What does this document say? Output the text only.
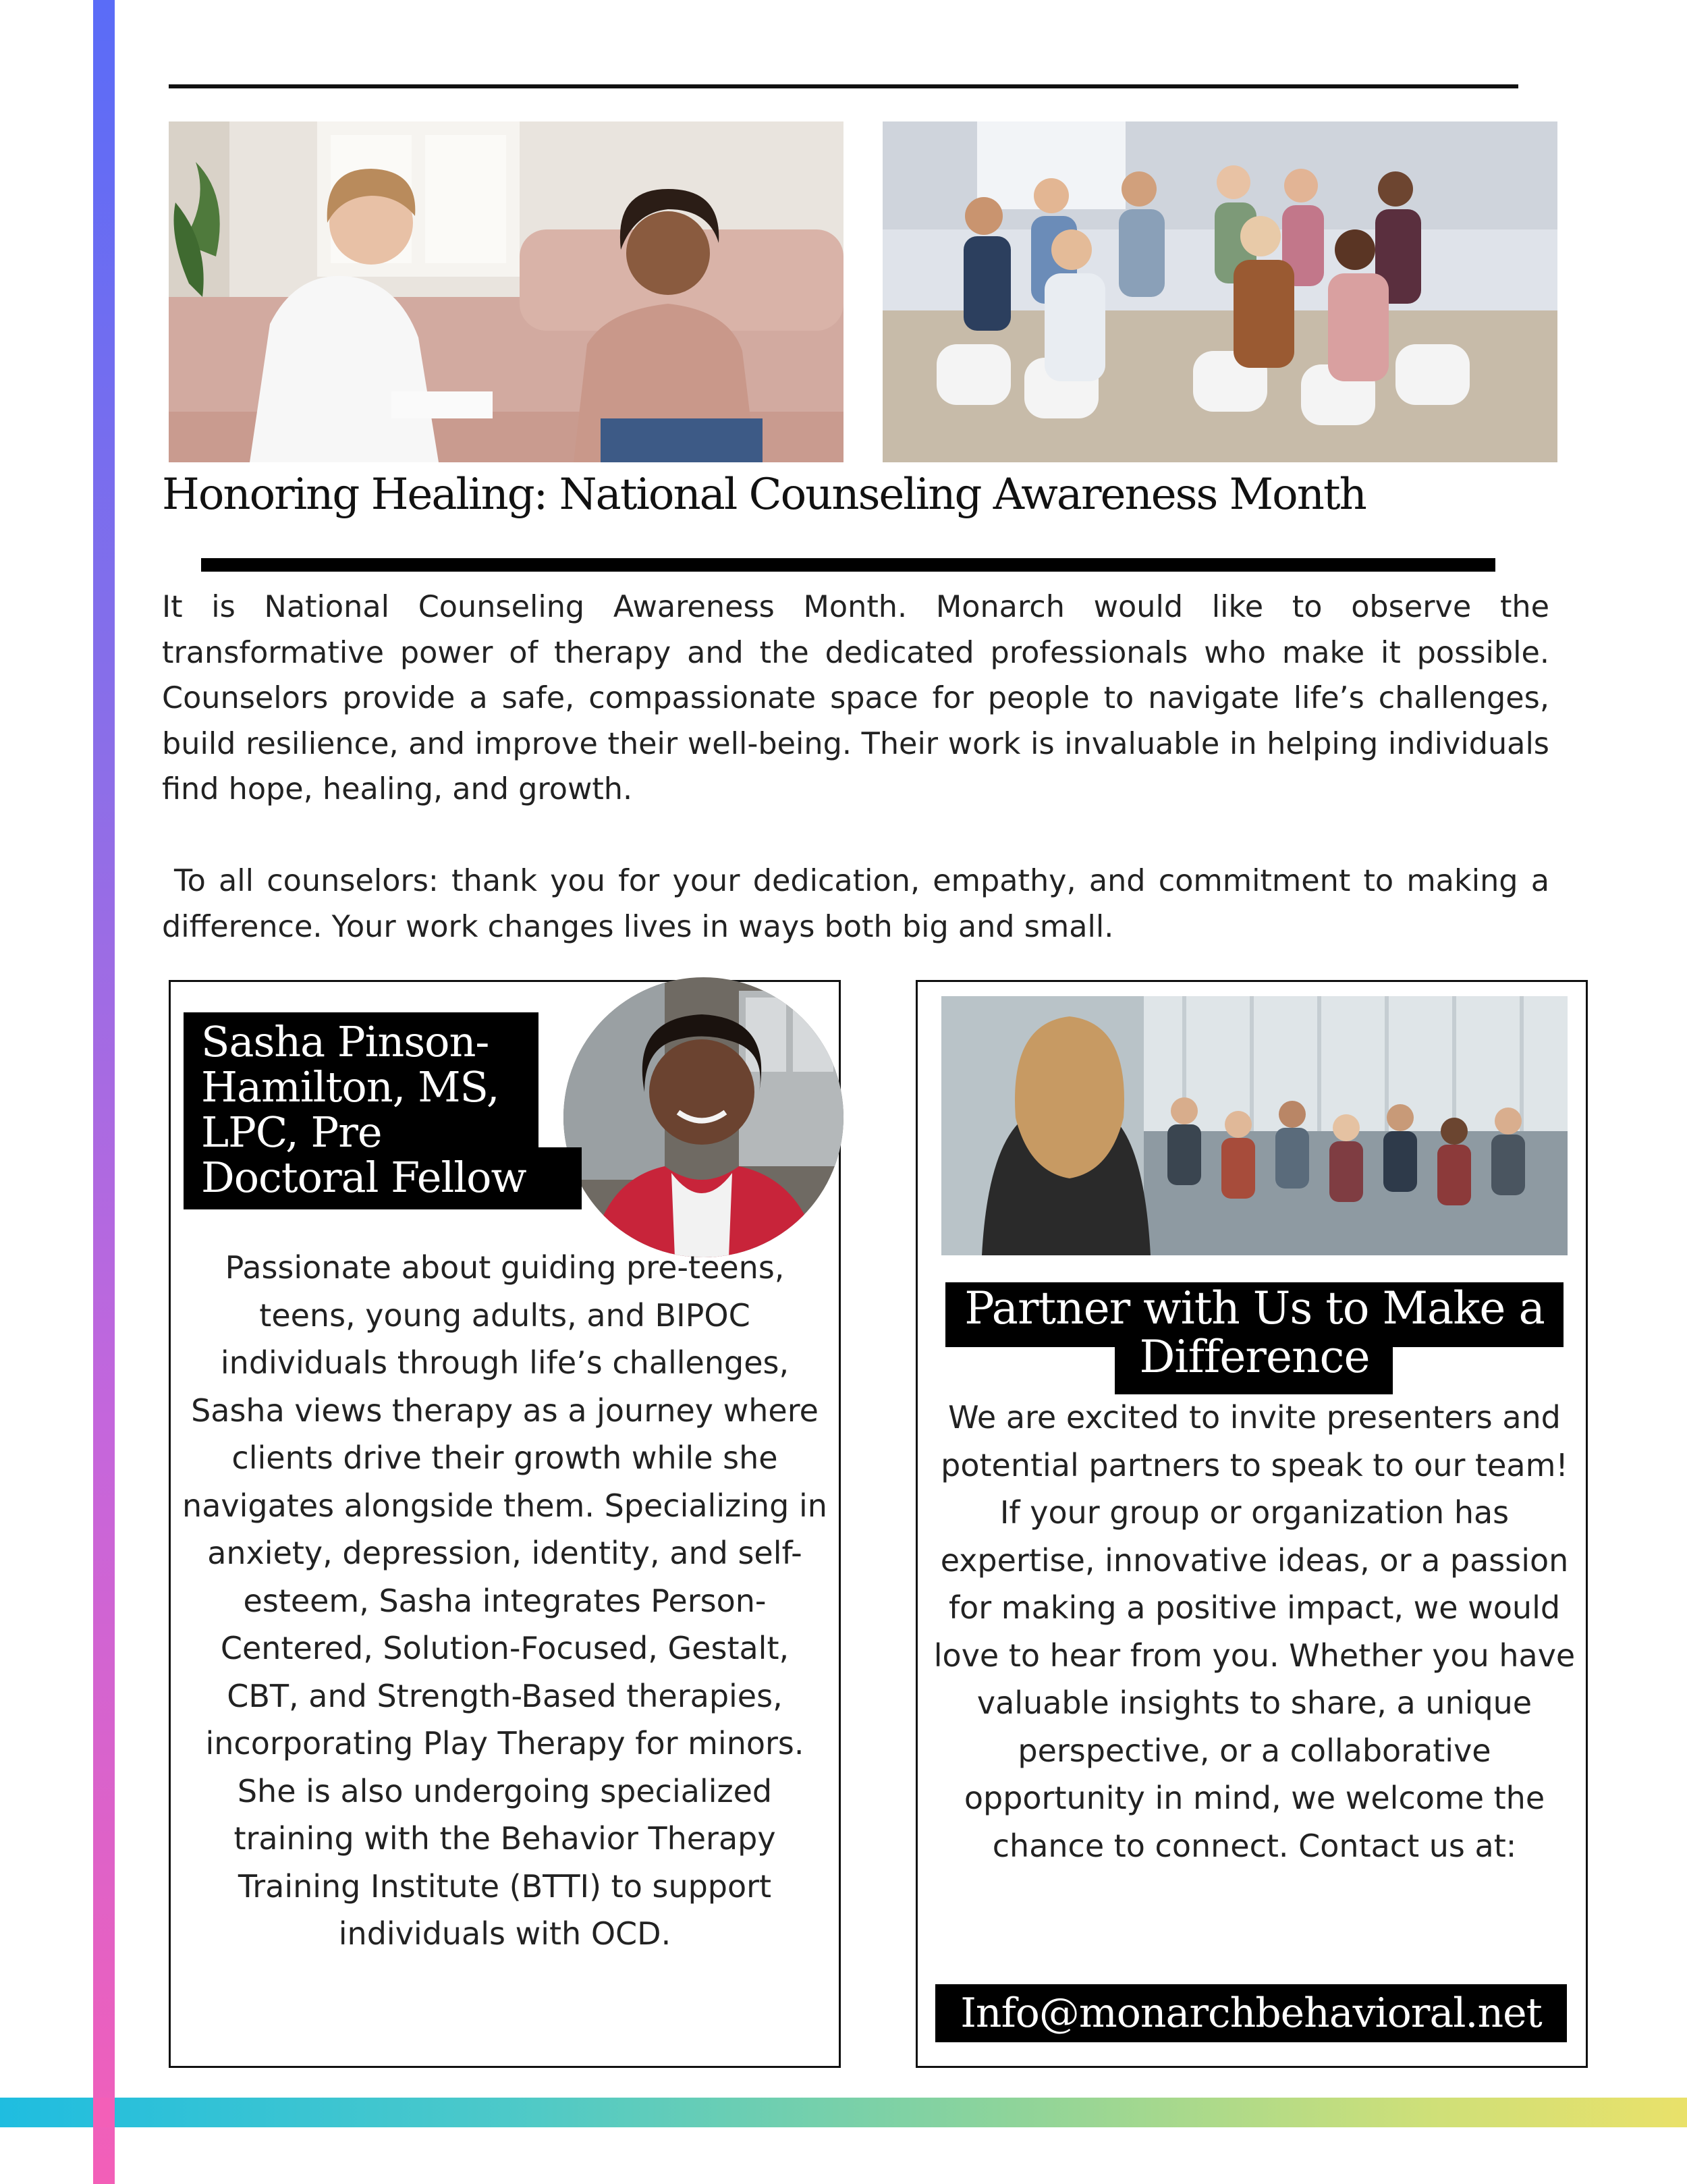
Honoring Healing: National Counseling Awareness Month
It is National Counseling Awareness Month. Monarch would like to observe the transformative power of therapy and the dedicated professionals who make it possible. Counselors provide a safe, compassionate space for people to navigate life’s challenges, build resilience, and improve their well-being. Their work is invaluable in helping individuals find hope, healing, and growth.
To all counselors: thank you for your dedication, empathy, and commitment to making a difference. Your work changes lives in ways both big and small.
Sasha Pinson-
Hamilton, MS,
LPC, Pre
Doctoral Fellow
Passionate about guiding pre-teens, teens, young adults, and BIPOC individuals through life’s challenges, Sasha views therapy as a journey where clients drive their growth while she navigates alongside them. Specializing in anxiety, depression, identity, and self-esteem, Sasha integrates Person-Centered, Solution-Focused, Gestalt, CBT, and Strength-Based therapies, incorporating Play Therapy for minors. She is also undergoing specialized training with the Behavior Therapy Training Institute (BTTI) to support individuals with OCD.
Partner with Us to Make a
Difference
We are excited to invite presenters and potential partners to speak to our team! If your group or organization has expertise, innovative ideas, or a passion for making a positive impact, we would love to hear from you. Whether you have valuable insights to share, a unique perspective, or a collaborative opportunity in mind, we welcome the chance to connect. Contact us at:
Info@monarchbehavioral.net
